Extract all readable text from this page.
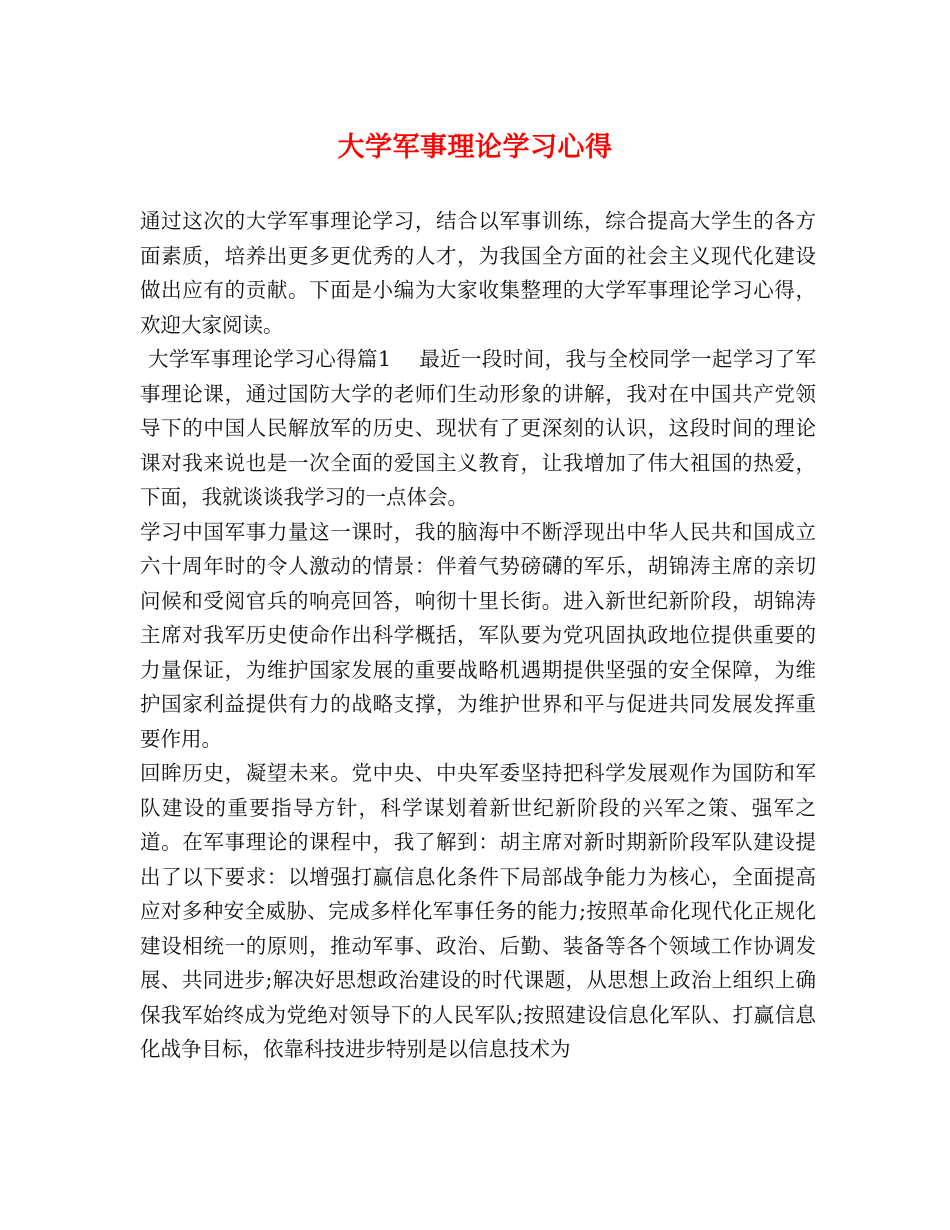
大学军事理论学习心得

通过这次的大学军事理论学习，结合以军事训练，综合提高大学生的各方面素质，培养出更多更优秀的人才，为我国全方面的社会主义现代化建设做出应有的贡献。下面是小编为大家收集整理的大学军事理论学习心得，欢迎大家阅读。

大学军事理论学习心得篇1　 最近一段时间，我与全校同学一起学习了军事理论课，通过国防大学的老师们生动形象的讲解，我对在中国共产党领导下的中国人民解放军的历史、现状有了更深刻的认识，这段时间的理论课对我来说也是一次全面的爱国主义教育，让我增加了伟大祖国的热爱，下面，我就谈谈我学习的一点体会。

学习中国军事力量这一课时，我的脑海中不断浮现出中华人民共和国成立六十周年时的令人激动的情景：伴着气势磅礴的军乐，胡锦涛主席的亲切问候和受阅官兵的响亮回答，响彻十里长街。进入新世纪新阶段，胡锦涛主席对我军历史使命作出科学概括，军队要为党巩固执政地位提供重要的力量保证，为维护国家发展的重要战略机遇期提供坚强的安全保障，为维护国家利益提供有力的战略支撑，为维护世界和平与促进共同发展发挥重要作用。

回眸历史，凝望未来。党中央、中央军委坚持把科学发展观作为国防和军队建设的重要指导方针，科学谋划着新世纪新阶段的兴军之策、强军之道。在军事理论的课程中，我了解到：胡主席对新时期新阶段军队建设提出了以下要求：以增强打赢信息化条件下局部战争能力为核心，全面提高应对多种安全威胁、完成多样化军事任务的能力;按照革命化现代化正规化建设相统一的原则，推动军事、政治、后勤、装备等各个领域工作协调发展、共同进步;解决好思想政治建设的时代课题，从思想上政治上组织上确保我军始终成为党绝对领导下的人民军队;按照建设信息化军队、打赢信息化战争目标，依靠科技进步特别是以信息技术为
